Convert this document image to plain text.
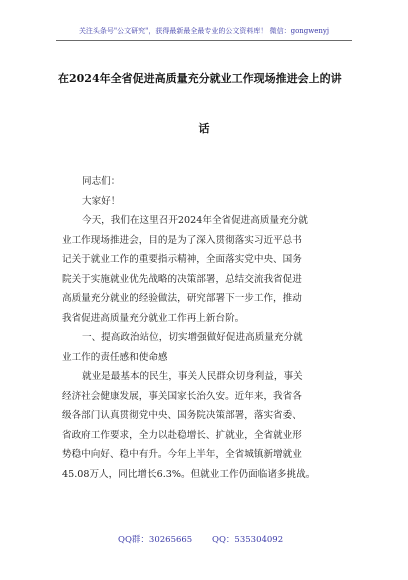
关注头条号"公文研究"，获得最新最全最专业的公文资料库！ 微信：gongwenyj
在2024年全省促进高质量充分就业工作现场推进会上的讲
话
同志们：
大家好！
今天，我们在这里召开2024年全省促进高质量充分就
业工作现场推进会，目的是为了深入贯彻落实习近平总书
记关于就业工作的重要指示精神，全面落实党中央、国务
院关于实施就业优先战略的决策部署，总结交流我省促进
高质量充分就业的经验做法，研究部署下一步工作，推动
我省促进高质量充分就业工作再上新台阶。
一、提高政治站位，切实增强做好促进高质量充分就
业工作的责任感和使命感
就业是最基本的民生，事关人民群众切身利益，事关
经济社会健康发展，事关国家长治久安。近年来，我省各
级各部门认真贯彻党中央、国务院决策部署，落实省委、
省政府工作要求，全力以赴稳增长、扩就业，全省就业形
势稳中向好、稳中有升。今年上半年，全省城镇新增就业
45.08万人，同比增长6.3%。但就业工作仍面临诸多挑战。
QQ群：30265665 QQ：535304092
